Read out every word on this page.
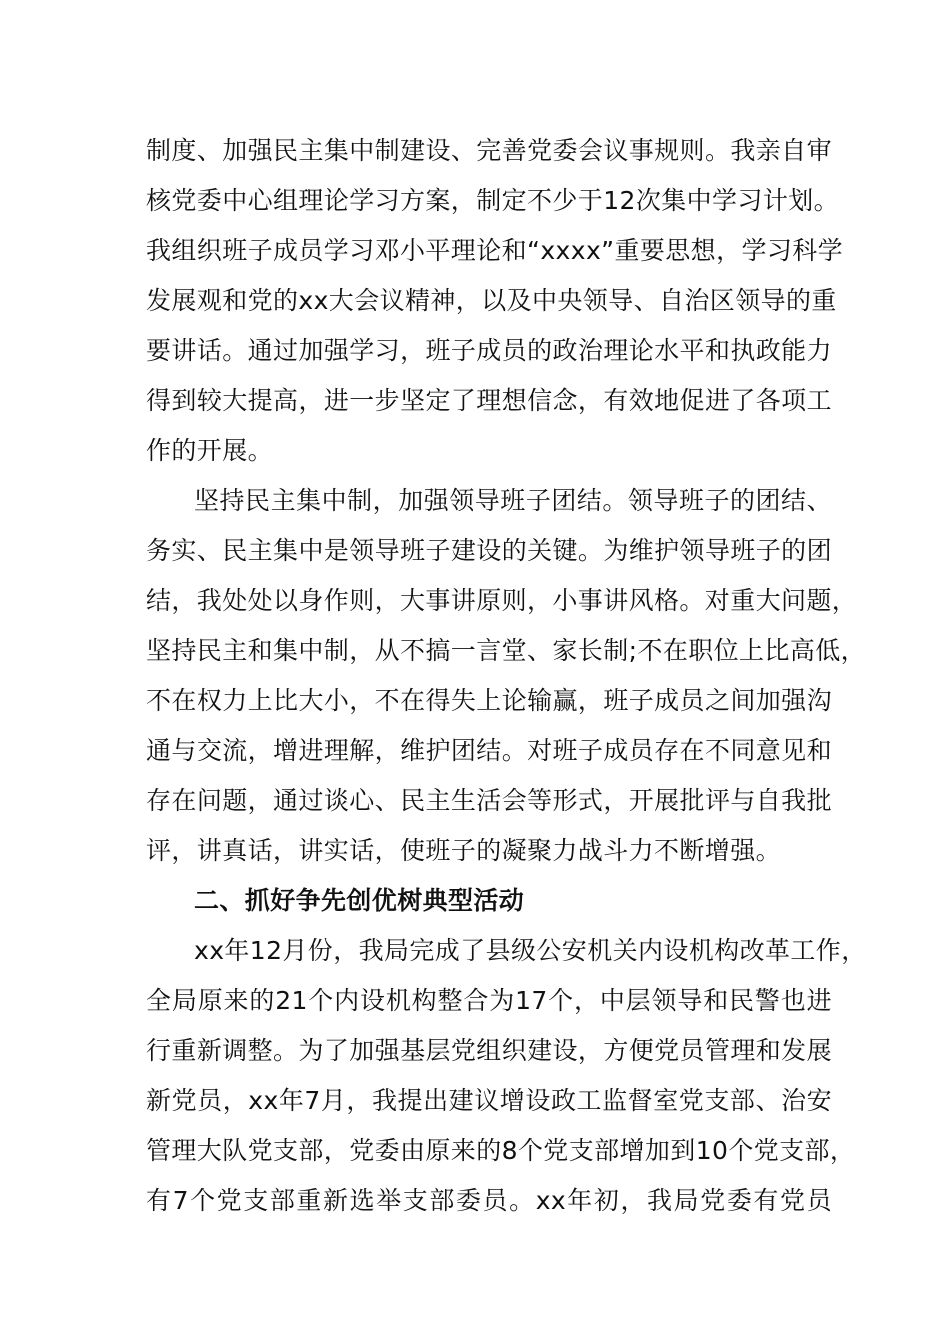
制度、加强民主集中制建设、完善党委会议事规则。我亲自审
核党委中心组理论学习方案，制定不少于12次集中学习计划。
我组织班子成员学习邓小平理论和“xxxx”重要思想，学习科学
发展观和党的xx大会议精神，以及中央领导、自治区领导的重
要讲话。通过加强学习，班子成员的政治理论水平和执政能力
得到较大提高，进一步坚定了理想信念，有效地促进了各项工
作的开展。
坚持民主集中制，加强领导班子团结。领导班子的团结、
务实、民主集中是领导班子建设的关键。为维护领导班子的团
结，我处处以身作则，大事讲原则，小事讲风格。对重大问题，
坚持民主和集中制，从不搞一言堂、家长制;不在职位上比高低，
不在权力上比大小，不在得失上论输赢，班子成员之间加强沟
通与交流，增进理解，维护团结。对班子成员存在不同意见和
存在问题，通过谈心、民主生活会等形式，开展批评与自我批
评，讲真话，讲实话，使班子的凝聚力战斗力不断增强。
二、抓好争先创优树典型活动
xx年12月份，我局完成了县级公安机关内设机构改革工作，
全局原来的21个内设机构整合为17个，中层领导和民警也进
行重新调整。为了加强基层党组织建设，方便党员管理和发展
新党员，xx年7月，我提出建议增设政工监督室党支部、治安
管理大队党支部，党委由原来的8个党支部增加到10个党支部，
有7个党支部重新选举支部委员。xx年初，我局党委有党员
